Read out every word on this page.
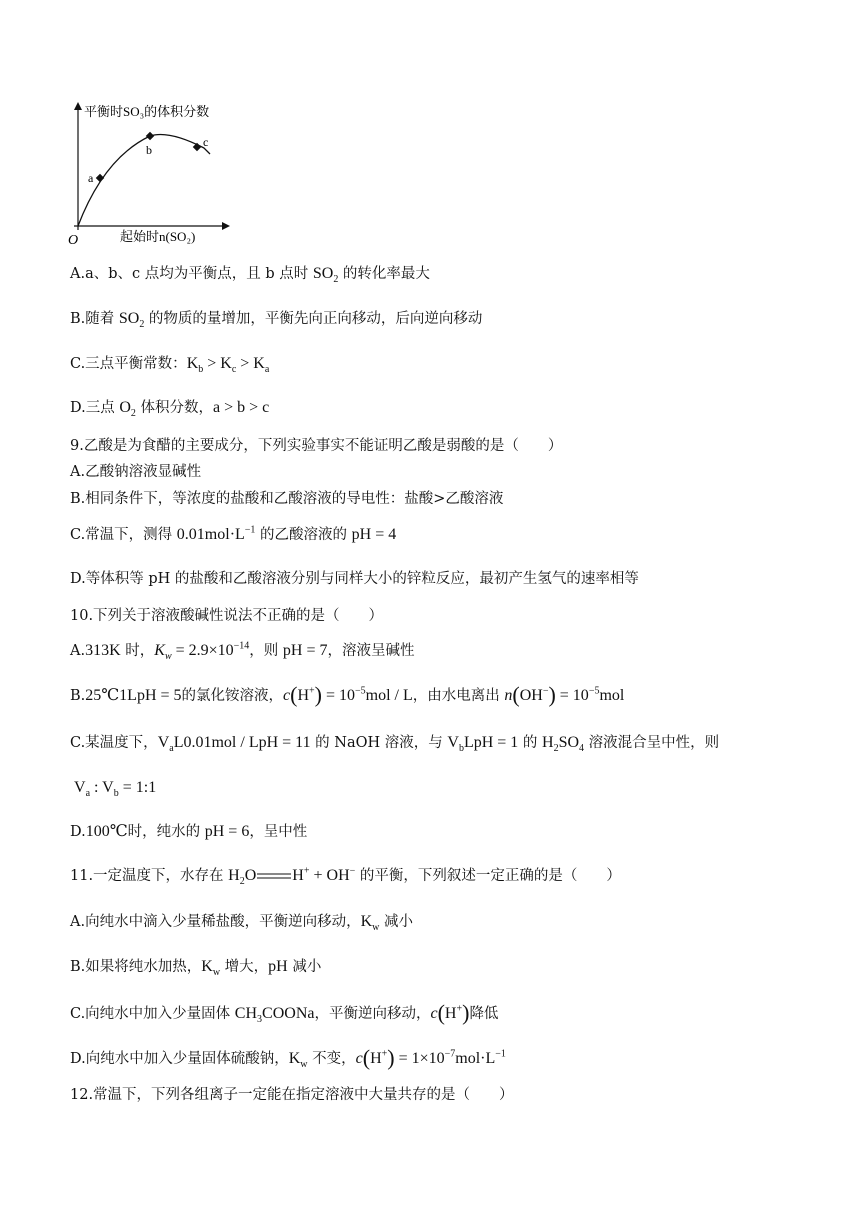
平衡时SO₃的体积分数
O	起始时n(SO₂)
a
b
c
A.a、b、c 点均为平衡点，且 b 点时 $SO_2$ 的转化率最大
B.随着 $SO_2$ 的物质的量增加，平衡先向正向移动，后向逆向移动
C.三点平衡常数：$K_b > K_c > K_a$
D.三点 $O_2$ 体积分数，a > b > c
9.乙酸是为食醋的主要成分，下列实验事实不能证明乙酸是弱酸的是（　　）
A.乙酸钠溶液显碱性
B.相同条件下，等浓度的盐酸和乙酸溶液的导电性：盐酸>乙酸溶液
C.常温下，测得 $0.01mol\cdot L^{-1}$ 的乙酸溶液的 pH = 4
D.等体积等 pH 的盐酸和乙酸溶液分别与同样大小的锌粒反应，最初产生氢气的速率相等
10.下列关于溶液酸碱性说法不正确的是（　　）
A.313K 时，$K_w = 2.9\times 10^{-14}$，则 pH = 7，溶液呈碱性
B.25℃1LpH = 5的氯化铵溶液，$c(H^+) = 10^{-5}mol / L$，由水电离出 $n(OH^-) = 10^{-5}mol$
C.某温度下，$V_aL0.01mol$ / LpH = 11 的 NaOH 溶液，与 $V_bLpH = 1$ 的 $H_2SO_4$ 溶液混合呈中性，则
$V_a$ : $V_b$ = 1:1
D.100℃时，纯水的 pH = 6，呈中性
11.一定温度下，水存在 $H_2O$ H+ + OH− 的平衡，下列叙述一定正确的是（　　）
A.向纯水中滴入少量稀盐酸，平衡逆向移动，$K_w$ 减小
B.如果将纯水加热，$K_w$ 增大，pH 减小
C.向纯水中加入少量固体 $CH_3COONa$，平衡逆向移动，c(H+)降低
D.向纯水中加入少量固体硫酸钠，$K_w$ 不变，$c(H^+) = 1\times 10^{-7}mol\cdot L^{-1}$
12.常温下，下列各组离子一定能在指定溶液中大量共存的是（　　）
